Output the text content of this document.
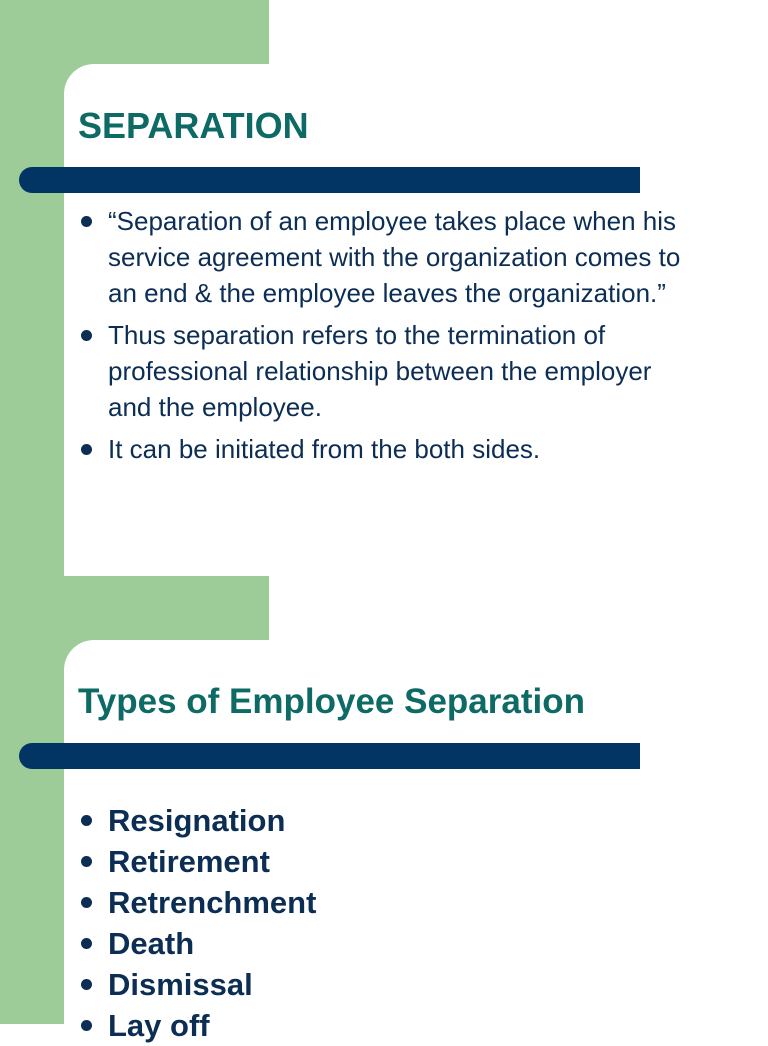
SEPARATION
“Separation of an employee takes place when his service agreement with the organization comes to an end & the employee leaves the organization.”
Thus separation refers to the termination of professional relationship between the employer and the employee.
It can be initiated from the both sides.
Types of Employee Separation
Resignation
Retirement
Retrenchment
Death
Dismissal
Lay off
